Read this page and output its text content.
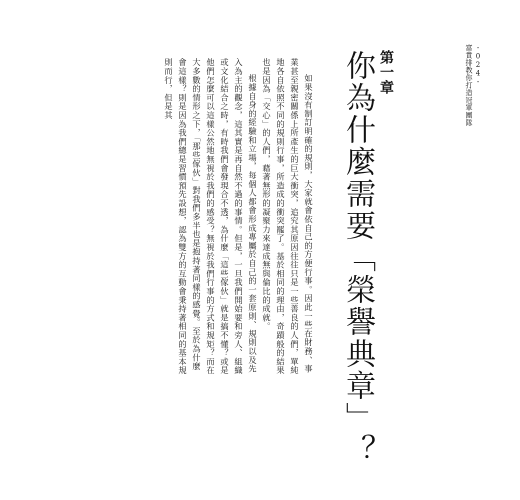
-024-
富貴排教你打造冠軍團隊
第一章
你為什麼需要「榮譽典章」？

如果沒有制訂明確的規則，大家就會依自己的方便行事。因此一些在財務、事業甚至親密關係上所產生的巨大衝突，追究其原因往往只是一些善良的人們，單純地各自依照不同的規則行事，所造成的衝突罷了。基於相同的理由，奇蹟般的結果也是因為「交心」的人們，藉著無形的凝聚力來達成無與倫比的成就。

根據自身的經驗和立場，每個人都會形成專屬於自己的一套原則、規則以及先入為主的觀念，這其實是再自然不過的事情。但是，一旦我們開始要和旁人、組織或文化結合之時，有時我們會發現合不透，為什麼「這些傢伙」就是搞不懂？或是他們怎麼可以這樣公然地無視於我們的感受？無視於我們行事的方式和規矩？而在大多數的情形之下，「那些傢伙」對我們多半也是抱持著同樣的感覺。至於為什麼會這樣？則是因為我們總是習慣預先設想，認為雙方的互動會秉持著相同的基本規則而行，但是其
